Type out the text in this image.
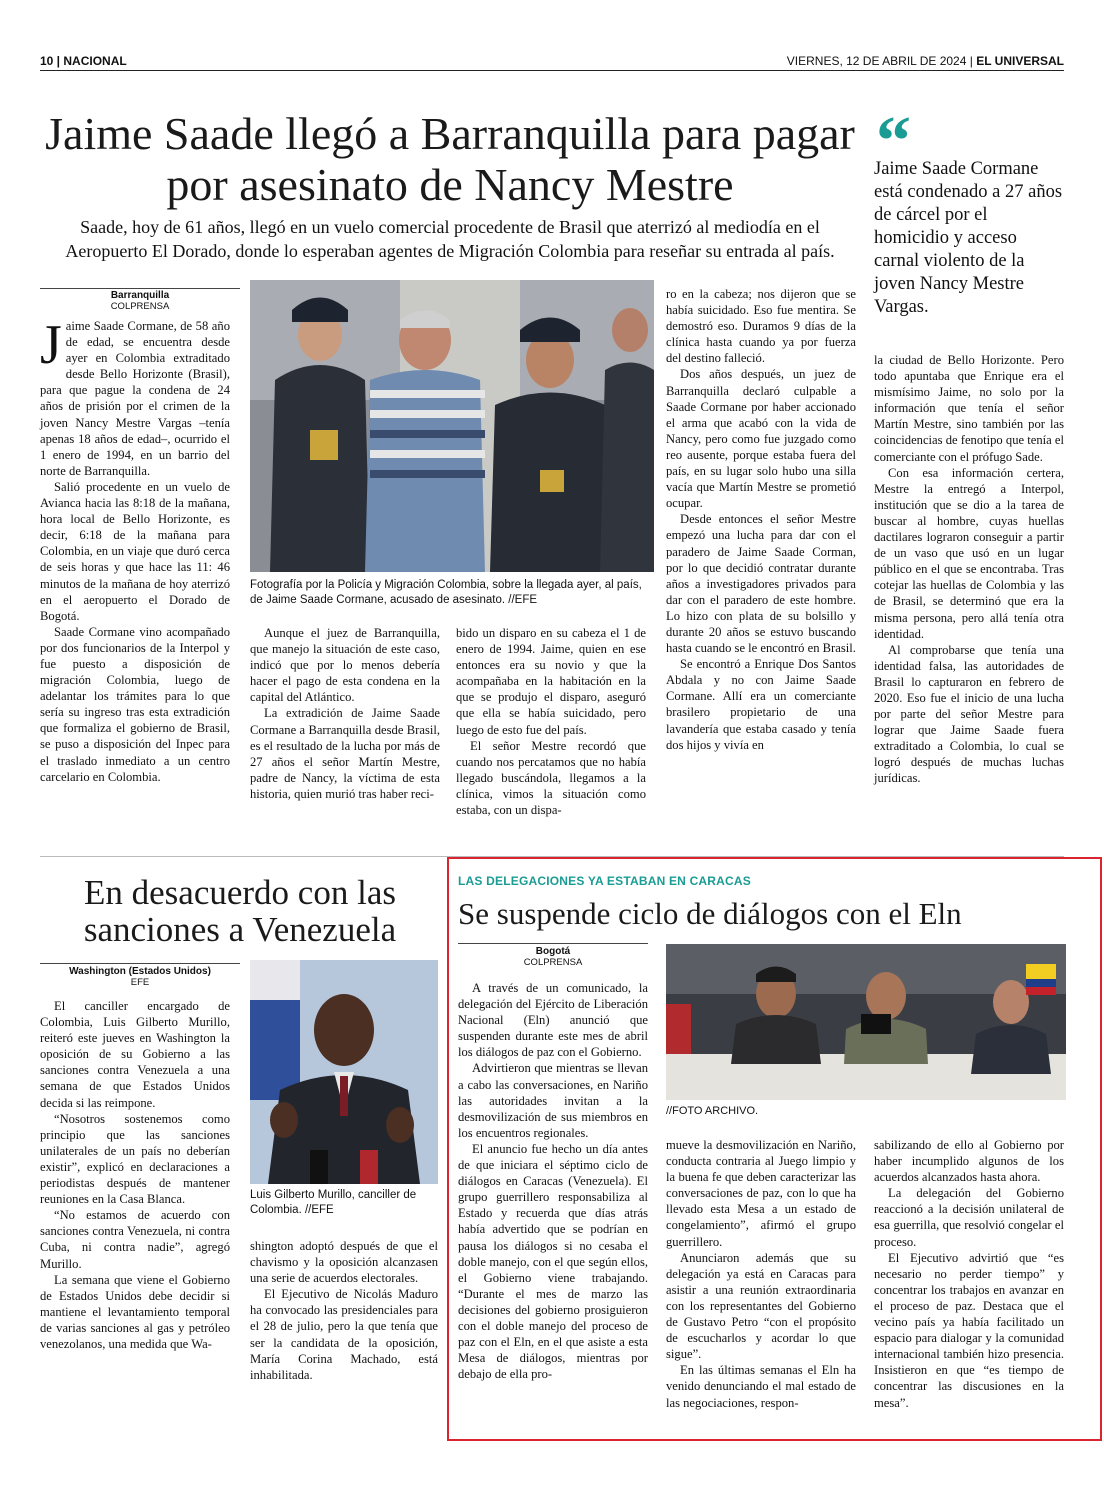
10 | NACIONAL	VIERNES, 12 DE ABRIL DE 2024 | EL UNIVERSAL
Jaime Saade llegó a Barranquilla para pagar por asesinato de Nancy Mestre
Saade, hoy de 61 años, llegó en un vuelo comercial procedente de Brasil que aterrizó al mediodía en el Aeropuerto El Dorado, donde lo esperaban agentes de Migración Colombia para reseñar su entrada al país.
“
Jaime Saade Cormane está condenado a 27 años de cárcel por el homicidio y acceso carnal violento de la joven Nancy Mestre Vargas.
Barranquilla
COLPRENSA

Jaime Saade Cormane, de 58 año de edad, se encuentra desde ayer en Colombia extraditado desde Bello Horizonte (Brasil), para que pague la condena de 24 años de prisión por el crimen de la joven Nancy Mestre Vargas –tenía apenas 18 años de edad–, ocurrido el 1 enero de 1994, en un barrio del norte de Barranquilla.

Salió procedente en un vuelo de Avianca hacia las 8:18 de la mañana, hora local de Bello Horizonte, es decir, 6:18 de la mañana para Colombia, en un viaje que duró cerca de seis horas y que hace las 11: 46 minutos de la mañana de hoy aterrizó en el aeropuerto el Dorado de Bogotá.

Saade Cormane vino acompañado por dos funcionarios de la Interpol y fue puesto a disposición de migración Colombia, luego de adelantar los trámites para lo que sería su ingreso tras esta extradición que formaliza el gobierno de Brasil, se puso a disposición del Inpec para el traslado inmediato a un centro carcelario en Colombia.

Fotografía por la Policía y Migración Colombia, sobre la llegada ayer, al país, de Jaime Saade Cormane, acusado de asesinato. //EFE

Aunque el juez de Barranquilla, que manejo la situación de este caso, indicó que por lo menos debería hacer el pago de esta condena en la capital del Atlántico.

La extradición de Jaime Saade Cormane a Barranquilla desde Brasil, es el resultado de la lucha por más de 27 años el señor Martín Mestre, padre de Nancy, la víctima de esta historia, quien murió tras haber reci-

bido un disparo en su cabeza el 1 de enero de 1994. Jaime, quien en ese entonces era su novio y que la acompañaba en la habitación en la que se produjo el disparo, aseguró que ella se había suicidado, pero luego de esto fue del país.

El señor Mestre recordó que cuando nos percatamos que no había llegado buscándola, llegamos a la clínica, vimos la situación como estaba, con un dispa-

ro en la cabeza; nos dijeron que se había suicidado. Eso fue mentira. Se demostró eso. Duramos 9 días de la clínica hasta cuando ya por fuerza del destino falleció.

Dos años después, un juez de Barranquilla declaró culpable a Saade Cormane por haber accionado el arma que acabó con la vida de Nancy, pero como fue juzgado como reo ausente, porque estaba fuera del país, en su lugar solo hubo una silla vacía que Martín Mestre se prometió ocupar.

Desde entonces el señor Mestre empezó una lucha para dar con el paradero de Jaime Saade Corman, por lo que decidió contratar durante años a investigadores privados para dar con el paradero de este hombre. Lo hizo con plata de su bolsillo y durante 20 años se estuvo buscando hasta cuando se le encontró en Brasil.

Se encontró a Enrique Dos Santos Abdala y no con Jaime Saade Cormane. Allí era un comerciante brasilero propietario de una lavandería que estaba casado y tenía dos hijos y vivía en

la ciudad de Bello Horizonte. Pero todo apuntaba que Enrique era el mismísimo Jaime, no solo por la información que tenía el señor Martín Mestre, sino también por las coincidencias de fenotipo que tenía el comerciante con el prófugo Sade.

Con esa información certera, Mestre la entregó a Interpol, institución que se dio a la tarea de buscar al hombre, cuyas huellas dactilares lograron conseguir a partir de un vaso que usó en un lugar público en el que se encontraba. Tras cotejar las huellas de Colombia y las de Brasil, se determinó que era la misma persona, pero allá tenía otra identidad.

Al comprobarse que tenía una identidad falsa, las autoridades de Brasil lo capturaron en febrero de 2020. Eso fue el inicio de una lucha por parte del señor Mestre para lograr que Jaime Saade fuera extraditado a Colombia, lo cual se logró después de muchas luchas jurídicas.

En desacuerdo con las sanciones a Venezuela
Washington (Estados Unidos)
EFE

El canciller encargado de Colombia, Luis Gilberto Murillo, reiteró este jueves en Washington la oposición de su Gobierno a las sanciones contra Venezuela a una semana de que Estados Unidos decida si las reimpone.

“Nosotros sostenemos como principio que las sanciones unilaterales de un país no deberían existir”, explicó en declaraciones a periodistas después de mantener reuniones en la Casa Blanca.

“No estamos de acuerdo con sanciones contra Venezuela, ni contra Cuba, ni contra nadie”, agregó Murillo.

La semana que viene el Gobierno de Estados Unidos debe decidir si mantiene el levantamiento temporal de varias sanciones al gas y petróleo venezolanos, una medida que Wa-

Luis Gilberto Murillo, canciller de Colombia. //EFE

shington adoptó después de que el chavismo y la oposición alcanzasen una serie de acuerdos electorales.

El Ejecutivo de Nicolás Maduro ha convocado las presidenciales para el 28 de julio, pero la que tenía que ser la candidata de la oposición, María Corina Machado, está inhabilitada.

LAS DELEGACIONES YA ESTABAN EN CARACAS
Se suspende ciclo de diálogos con el Eln
Bogotá
COLPRENSA

A través de un comunicado, la delegación del Ejército de Liberación Nacional (Eln) anunció que suspenden durante este mes de abril los diálogos de paz con el Gobierno.

Advirtieron que mientras se llevan a cabo las conversaciones, en Nariño las autoridades invitan a la desmovilización de sus miembros en los encuentros regionales.

El anuncio fue hecho un día antes de que iniciara el séptimo ciclo de diálogos en Caracas (Venezuela). El grupo guerrillero responsabiliza al Estado y recuerda que días atrás había advertido que se podrían en pausa los diálogos si no cesaba el doble manejo, con el que según ellos, el Gobierno viene trabajando. “Durante el mes de marzo las decisiones del gobierno prosiguieron con el doble manejo del proceso de paz con el Eln, en el que asiste a esta Mesa de diálogos, mientras por debajo de ella pro-

//FOTO ARCHIVO.

mueve la desmovilización en Nariño, conducta contraria al Juego limpio y la buena fe que deben caracterizar las conversaciones de paz, con lo que ha llevado esta Mesa a un estado de congelamiento”, afirmó el grupo guerrillero.

Anunciaron además que su delegación ya está en Caracas para asistir a una reunión extraordinaria con los representantes del Gobierno de Gustavo Petro “con el propósito de escucharlos y acordar lo que sigue”.

En las últimas semanas el Eln ha venido denunciando el mal estado de las negociaciones, respon-

sabilizando de ello al Gobierno por haber incumplido algunos de los acuerdos alcanzados hasta ahora.

La delegación del Gobierno reaccionó a la decisión unilateral de esa guerrilla, que resolvió congelar el proceso.

El Ejecutivo advirtió que “es necesario no perder tiempo” y concentrar los trabajos en avanzar en el proceso de paz. Destaca que el vecino país ya había facilitado un espacio para dialogar y la comunidad internacional también hizo presencia. Insistieron en que “es tiempo de concentrar las discusiones en la mesa”.
